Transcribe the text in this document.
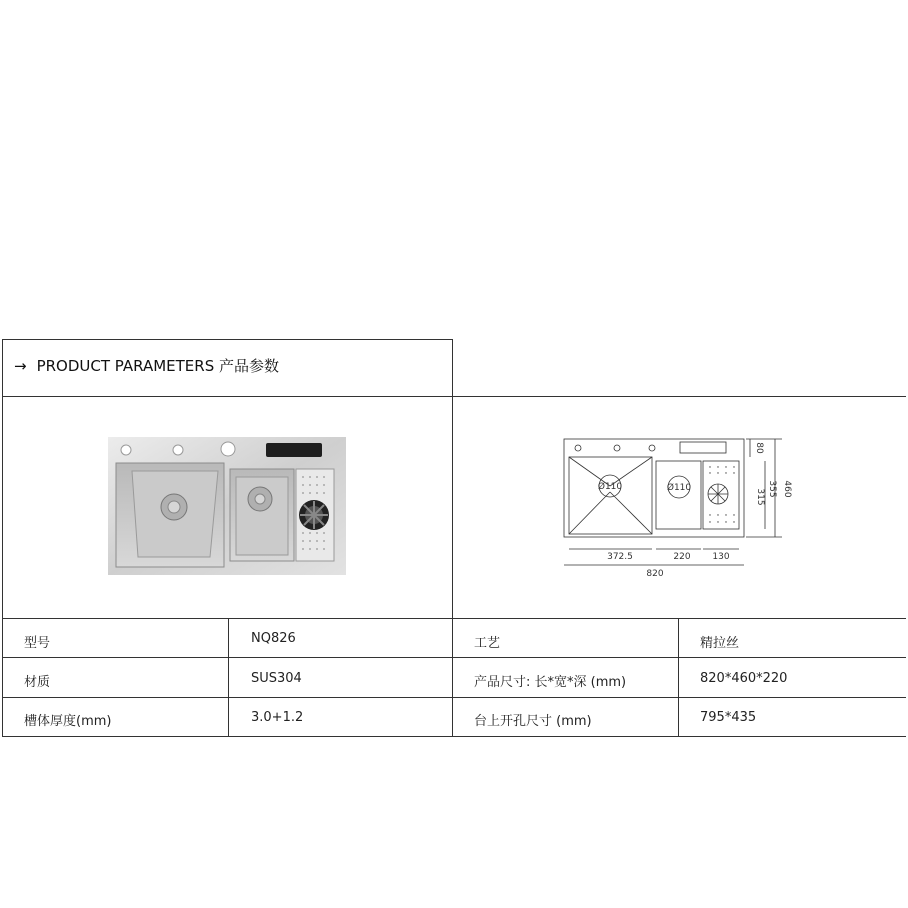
→ PRODUCT PARAMETERS 产品参数
Ø110	Ø110
372.5	220 130
820
80
315 355 460
型号	NQ826	工艺	精拉丝
材质	SUS304	产品尺寸: 长*宽*深 (mm)	820*460*220
槽体厚度(mm)	3.0+1.2	台上开孔尺寸 (mm)	795*435
